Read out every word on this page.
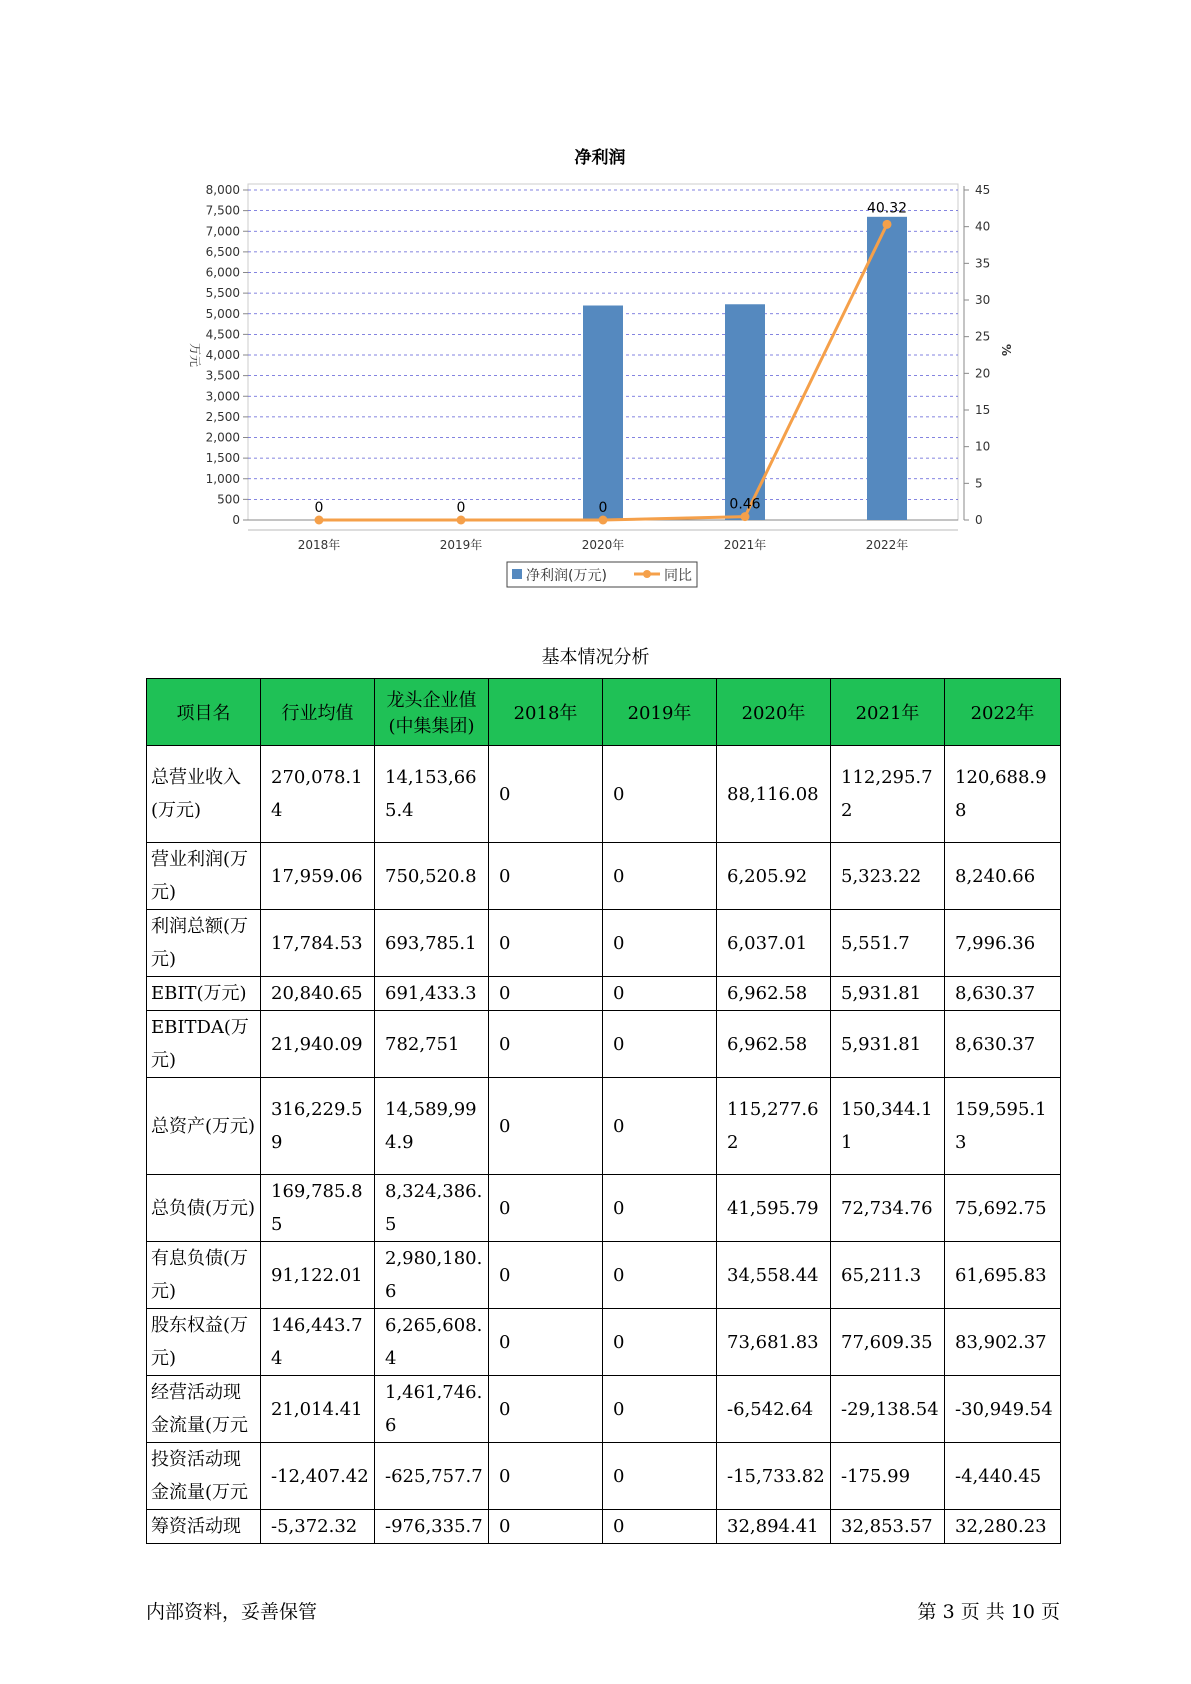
净利润
0
500
1,000
1,500
2,000
2,500
3,000
3,500
4,000
4,500
5,000
5,500
6,000
6,500
7,000
7,500
8,000
0
5
10
15
20
25
30
35
40
45
万元	%
2018年	2019年	2020年	2021年	2022年
0	0	0	0.46
40.32
净利润(万元)	同比
基本情况分析
项目名	行业均值	龙头企业值(中集集团)	2018年	2019年	2020年	2021年	2022年
总营业收入(万元)	270,078.14	14,153,665.4	0	0	88,116.08	112,295.72	120,688.98
营业利润(万元)	17,959.06	750,520.8	0	0	6,205.92	5,323.22	8,240.66
利润总额(万元)	17,784.53	693,785.1	0	0	6,037.01	5,551.7	7,996.36
EBIT(万元)	20,840.65	691,433.3	0	0	6,962.58	5,931.81	8,630.37
EBITDA(万元)	21,940.09	782,751	0	0	6,962.58	5,931.81	8,630.37
总资产(万元)	316,229.59	14,589,994.9	0	0	115,277.62	150,344.11	159,595.13
总负债(万元)	169,785.85	8,324,386.5	0	0	41,595.79	72,734.76	75,692.75
有息负债(万元)	91,122.01	2,980,180.6	0	0	34,558.44	65,211.3	61,695.83
股东权益(万元)	146,443.74	6,265,608.4	0	0	73,681.83	77,609.35	83,902.37
经营活动现金流量(万元	21,014.41	1,461,746.6	0	0	-6,542.64	-29,138.54	-30,949.54
投资活动现金流量(万元	-12,407.42	-625,757.7	0	0	-15,733.82	-175.99	-4,440.45
筹资活动现	-5,372.32	-976,335.7	0	0	32,894.41	32,853.57	32,280.23
内部资料，妥善保管	第 3 页 共 10 页
